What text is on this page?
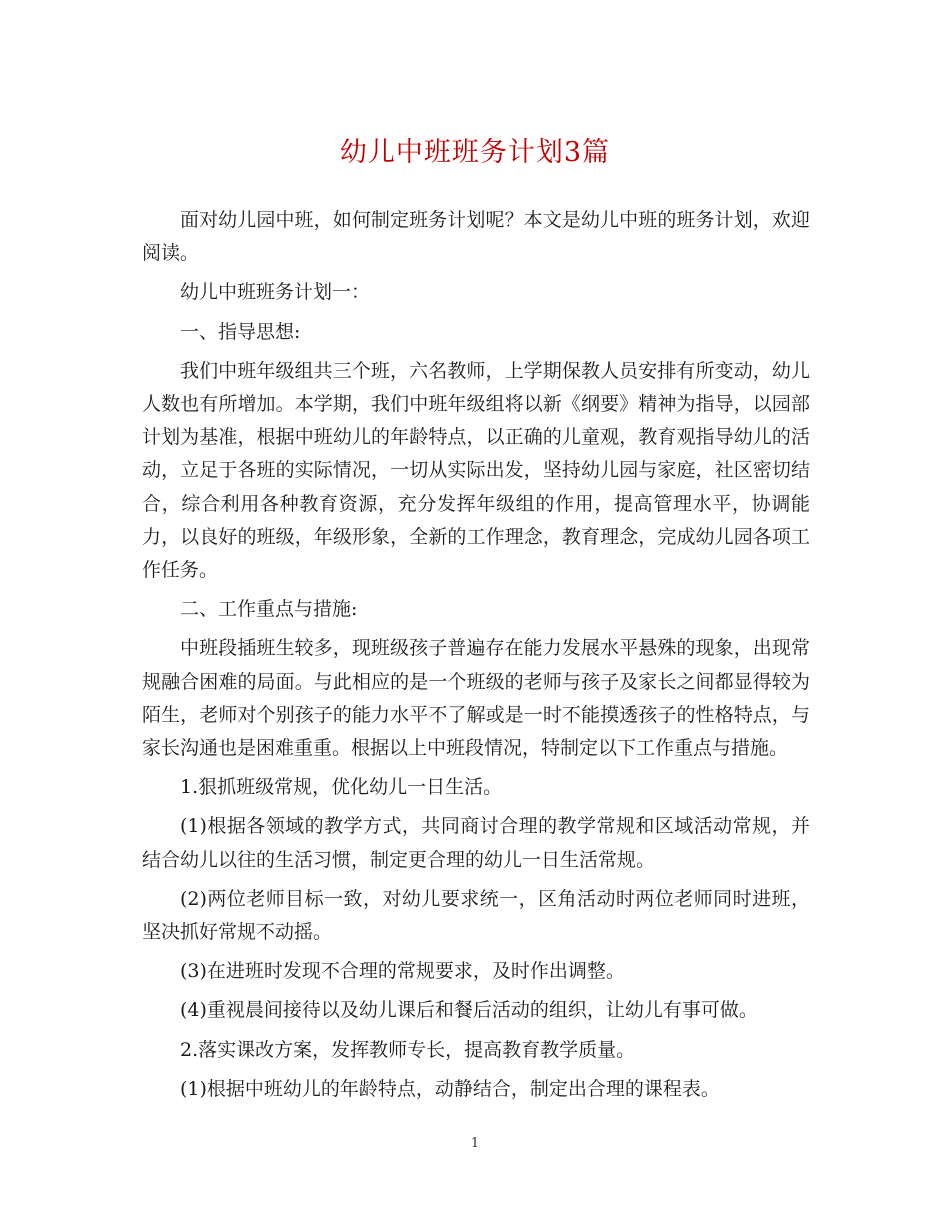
幼儿中班班务计划3篇

面对幼儿园中班，如何制定班务计划呢？本文是幼儿中班的班务计划，欢迎阅读。

幼儿中班班务计划一：

一、指导思想:

我们中班年级组共三个班，六名教师，上学期保教人员安排有所变动，幼儿人数也有所增加。本学期，我们中班年级组将以新《纲要》精神为指导，以园部计划为基准，根据中班幼儿的年龄特点，以正确的儿童观，教育观指导幼儿的活动，立足于各班的实际情况，一切从实际出发，坚持幼儿园与家庭，社区密切结合，综合利用各种教育资源，充分发挥年级组的作用，提高管理水平，协调能力，以良好的班级，年级形象，全新的工作理念，教育理念，完成幼儿园各项工作任务。

二、工作重点与措施:

中班段插班生较多，现班级孩子普遍存在能力发展水平悬殊的现象，出现常规融合困难的局面。与此相应的是一个班级的老师与孩子及家长之间都显得较为陌生，老师对个别孩子的能力水平不了解或是一时不能摸透孩子的性格特点，与家长沟通也是困难重重。根据以上中班段情况，特制定以下工作重点与措施。

1.狠抓班级常规，优化幼儿一日生活。

(1)根据各领域的教学方式，共同商讨合理的教学常规和区域活动常规，并结合幼儿以往的生活习惯，制定更合理的幼儿一日生活常规。

(2)两位老师目标一致，对幼儿要求统一，区角活动时两位老师同时进班，坚决抓好常规不动摇。

(3)在进班时发现不合理的常规要求，及时作出调整。

(4)重视晨间接待以及幼儿课后和餐后活动的组织，让幼儿有事可做。

2.落实课改方案，发挥教师专长，提高教育教学质量。

(1)根据中班幼儿的年龄特点，动静结合，制定出合理的课程表。

1
